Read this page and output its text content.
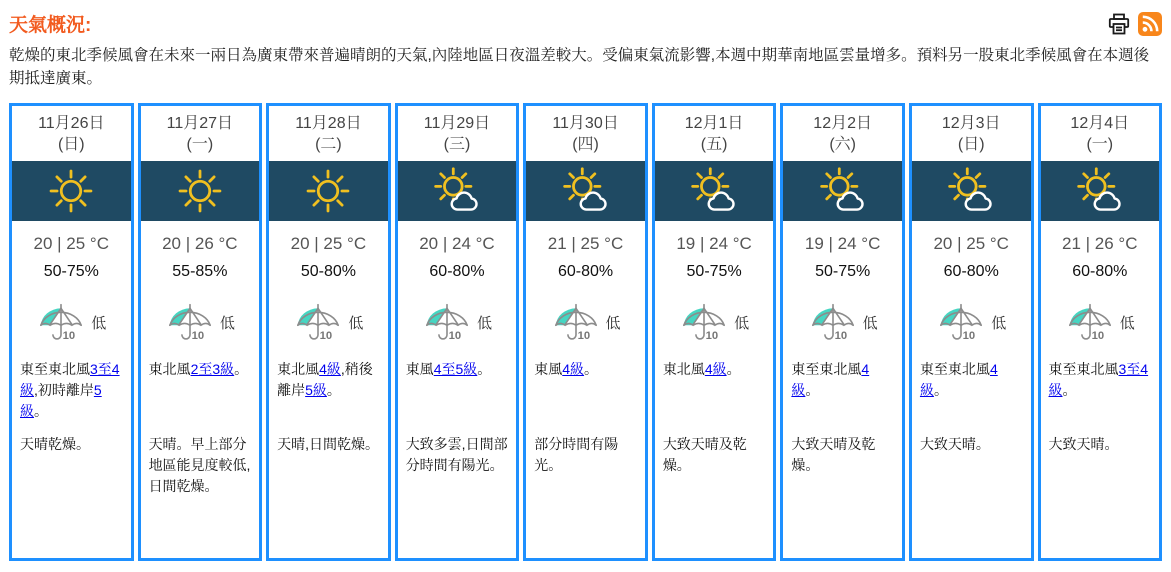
天氣概況:

乾燥的東北季候風會在未來一兩日為廣東帶來普遍晴朗的天氣,內陸地區日夜溫差較大。受偏東氣流影響,本週中期華南地區雲量增多。預料另一股東北季候風會在本週後期抵達廣東。

11月26日
(日)
20 | 25 °C
50-75%
10
低
東至東北風3至4級,初時離岸5級。
天晴乾燥。
11月27日
(一)
20 | 26 °C
55-85%
10
低
東北風2至3級。
天晴。早上部分地區能見度較低,日間乾燥。
11月28日
(二)
20 | 25 °C
50-80%
10
低
東北風4級,稍後離岸5級。
天晴,日間乾燥。
11月29日
(三)
20 | 24 °C
60-80%
10
低
東風4至5級。
大致多雲,日間部分時間有陽光。
11月30日
(四)
21 | 25 °C
60-80%
10
低
東風4級。
部分時間有陽光。
12月1日
(五)
19 | 24 °C
50-75%
10
低
東北風4級。
大致天晴及乾燥。
12月2日
(六)
19 | 24 °C
50-75%
10
低
東至東北風4級。
大致天晴及乾燥。
12月3日
(日)
20 | 25 °C
60-80%
10
低
東至東北風4級。
大致天晴。
12月4日
(一)
21 | 26 °C
60-80%
10
低
東至東北風3至4級。
大致天晴。
